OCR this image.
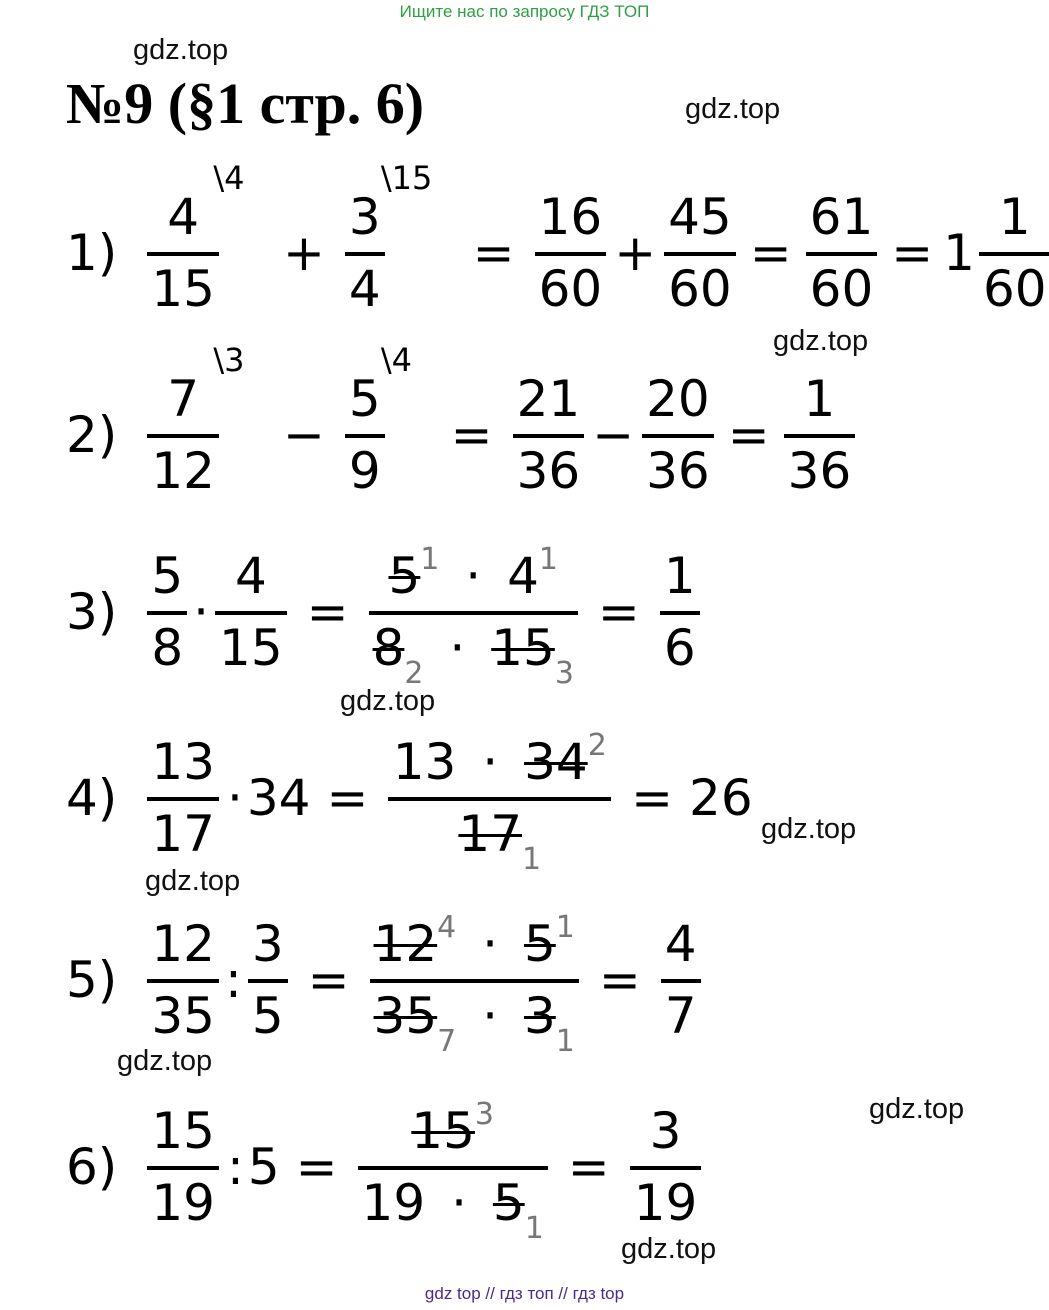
Ищите нас по запросу ГДЗ ТОП
№9 (§1 стр. 6)
gdz.top
gdz.top
gdz.top
gdz.top
gdz.top
gdz.top
gdz.top
gdz.top
gdz.top
1)
\4
4
15
+
\15
3
4
= $\frac{16}{60} + \frac{45}{60} = \frac{61}{60} = 1 \frac{1}{60}$
2)
\3
7
12
−
\4
5
9
= $\frac{21}{36} - \frac{20}{36} = \frac{1}{36}$
$3) \frac{5}{8} \cdot \frac{4}{15} = \frac{5^1 \cdot 4^1}{8_2 \cdot 15_3} = \frac{1}{6}$
$4) \frac{13}{17} \cdot 34 = \frac{13 \cdot 34^2}{17_1} = 26$
$5) \frac{12}{35}$ : $\frac{3}{5} = \frac{12^4 \cdot 5^1}{35_7 \cdot 3_1} = \frac{4}{7}$
$6) \frac{15}{19}$ : $5 = \frac{15^3}{19 \cdot 5_1} = \frac{3}{19}$
gdz top // гдз топ // гдз top
